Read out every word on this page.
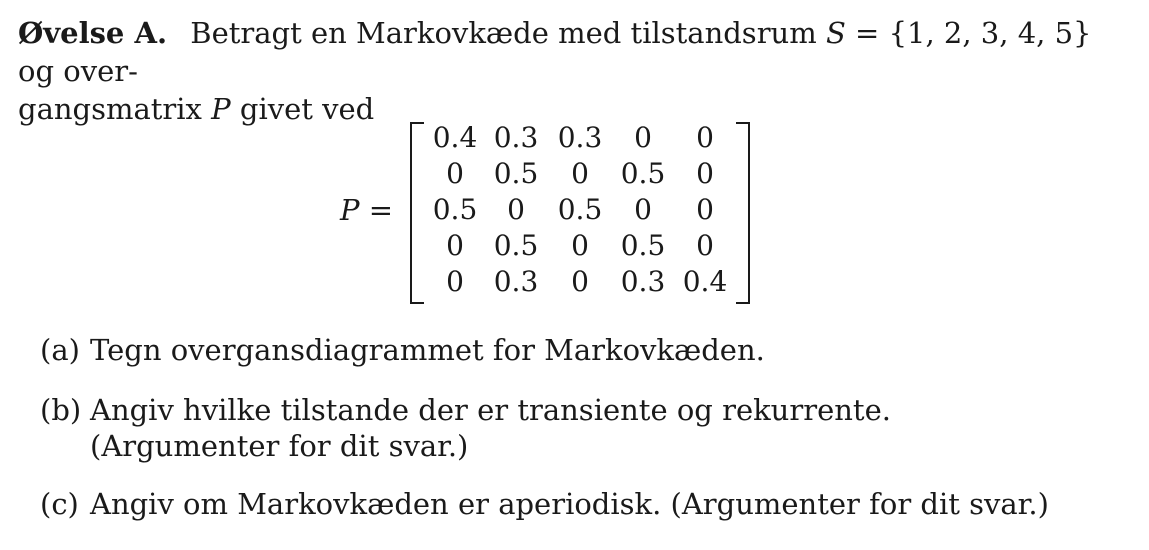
Øvelse A. Betragt en Markovkæde med tilstandsrum S = {1, 2, 3, 4, 5} og over-
gangsmatrix P givet ved
P =
0.4 0.3 0.3	0	0
0	0.5	0	0.5	0
0.5	0	0.5	0	0
0	0.5	0	0.5	0
0	0.3	0	0.3 0.4
(a) Tegn overgansdiagrammet for Markovkæden.
(b) Angiv hvilke tilstande der er transiente og rekurrente.
(Argumenter for dit svar.)
(c) Angiv om Markovkæden er aperiodisk. (Argumenter for dit svar.)
